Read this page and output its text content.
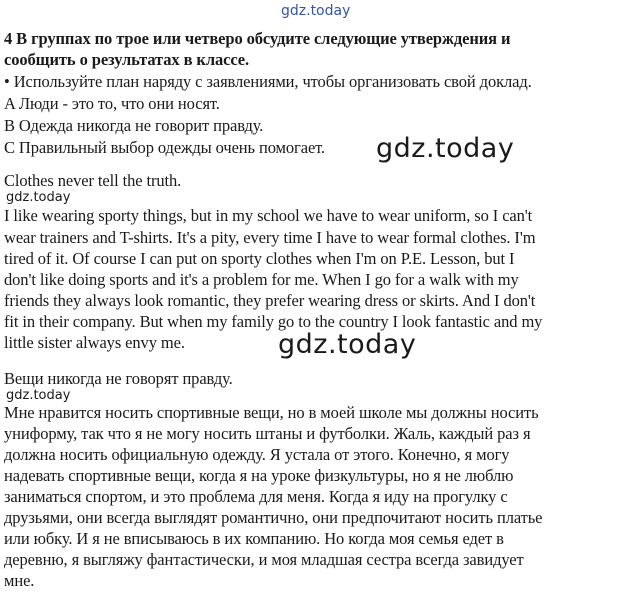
gdz.today
4 В группах по трое или четверо обсудите следующие утверждения и
сообщить о результатах в классе.
• Используйте план наряду с заявлениями, чтобы организовать свой доклад.
A Люди - это то, что они носят.
B Одежда никогда не говорит правду.
C Правильный выбор одежды очень помогает. gdz.today
Clothes never tell the truth.
gdz.today
I like wearing sporty things, but in my school we have to wear uniform, so I can't
wear trainers and T-shirts. It's a pity, every time I have to wear formal clothes. I'm
tired of it. Of course I can put on sporty clothes when I'm on P.E. Lesson, but I
don't like doing sports and it's a problem for me. When I go for a walk with my
friends they always look romantic, they prefer wearing dress or skirts. And I don't
fit in their company. But when my family go to the country I look fantastic and my
little sister always envy me.	gdz.today
Вещи никогда не говорят правду.
gdz.today
Мне нравится носить спортивные вещи, но в моей школе мы должны носить
униформу, так что я не могу носить штаны и футболки. Жаль, каждый раз я
должна носить официальную одежду. Я устала от этого. Конечно, я могу
надевать спортивные вещи, когда я на уроке физкультуры, но я не люблю
заниматься спортом, и это проблема для меня. Когда я иду на прогулку с
друзьями, они всегда выглядят романтично, они предпочитают носить платье
или юбку. И я не вписываюсь в их компанию. Но когда моя семья едет в
деревню, я выгляжу фантастически, и моя младшая сестра всегда завидует
мне.
